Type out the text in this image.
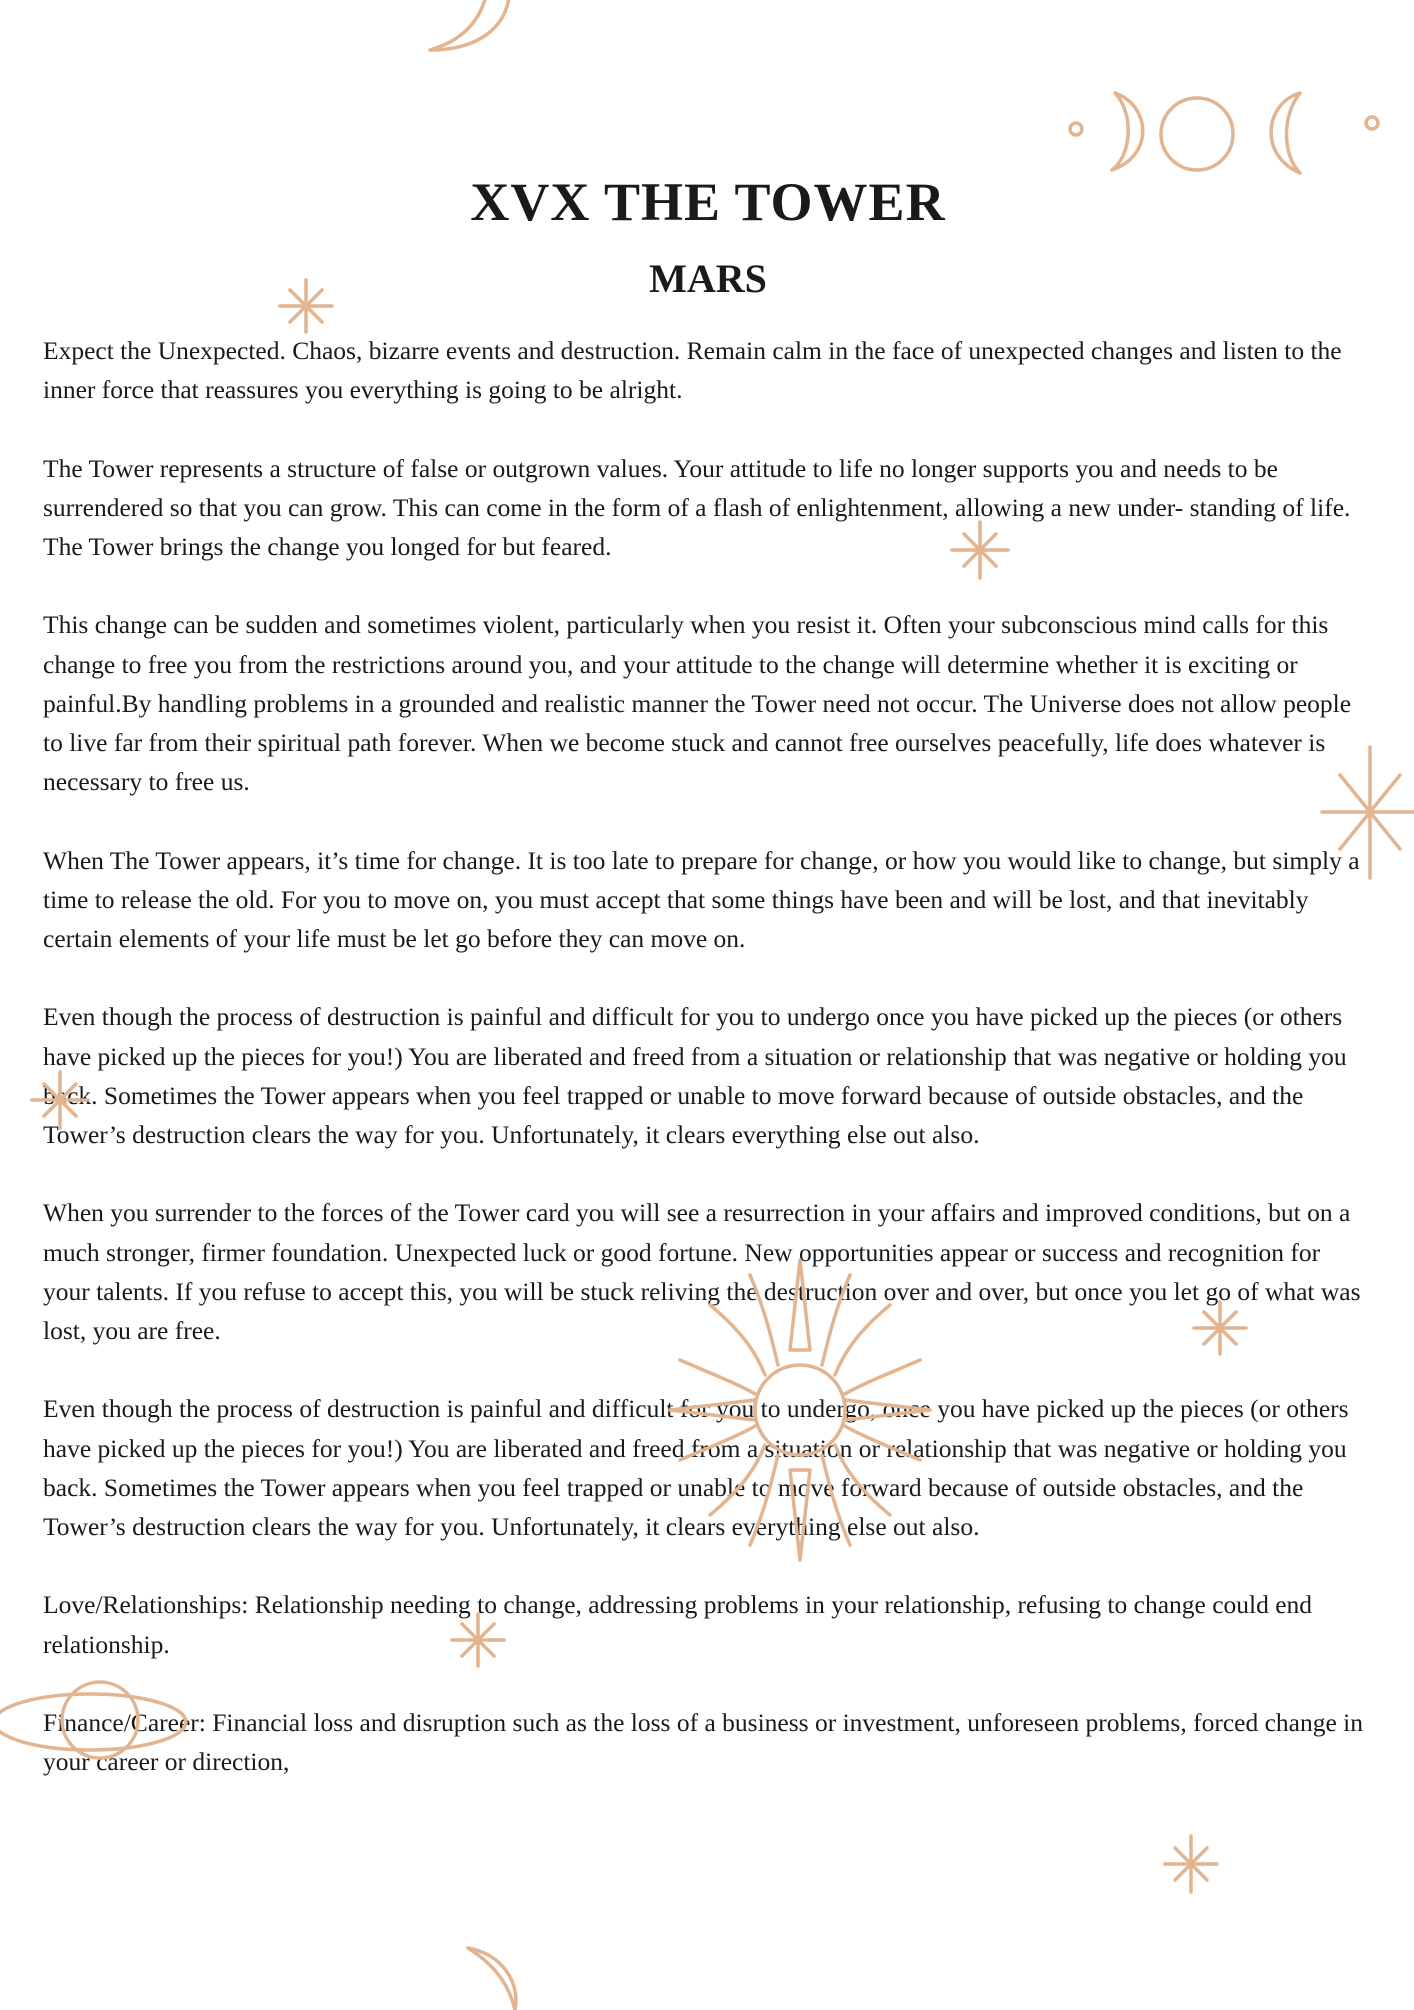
XVX THE TOWER
MARS

Expect the Unexpected. Chaos, bizarre events and destruction. Remain calm in the face of unexpected changes and listen to the inner force that reassures you everything is going to be alright.

The Tower represents a structure of false or outgrown values. Your attitude to life no longer supports you and needs to be surrendered so that you can grow. This can come in the form of a flash of enlightenment, allowing a new under- standing of life. The Tower brings the change you longed for but feared.

This change can be sudden and sometimes violent, particularly when you resist it. Often your subconscious mind calls for this change to free you from the restrictions around you, and your attitude to the change will determine whether it is exciting or painful.By handling problems in a grounded and realistic manner the Tower need not occur. The Universe does not allow people to live far from their spiritual path forever. When we become stuck and cannot free ourselves peacefully, life does whatever is necessary to free us.

When The Tower appears, it’s time for change. It is too late to prepare for change, or how you would like to change, but simply a time to release the old. For you to move on, you must accept that some things have been and will be lost, and that inevitably certain elements of your life must be let go before they can move on.

Even though the process of destruction is painful and difficult for you to undergo once you have picked up the pieces (or others have picked up the pieces for you!) You are liberated and freed from a situation or relationship that was negative or holding you back. Sometimes the Tower appears when you feel trapped or unable to move forward because of outside obstacles, and the Tower’s destruction clears the way for you. Unfortunately, it clears everything else out also.

When you surrender to the forces of the Tower card you will see a resurrection in your affairs and improved conditions, but on a much stronger, firmer foundation. Unexpected luck or good fortune. New opportunities appear or success and recognition for your talents. If you refuse to accept this, you will be stuck reliving the destruction over and over, but once you let go of what was lost, you are free.

Even though the process of destruction is painful and difficult for you to undergo, once you have picked up the pieces (or others have picked up the pieces for you!) You are liberated and freed from a situation or relationship that was negative or holding you back. Sometimes the Tower appears when you feel trapped or unable to move forward because of outside obstacles, and the Tower’s destruction clears the way for you. Unfortunately, it clears everything else out also.

Love/Relationships: Relationship needing to change, addressing problems in your relationship, refusing to change could end relationship.

Finance/Career: Financial loss and disruption such as the loss of a business or investment, unforeseen problems, forced change in your career or direction,
